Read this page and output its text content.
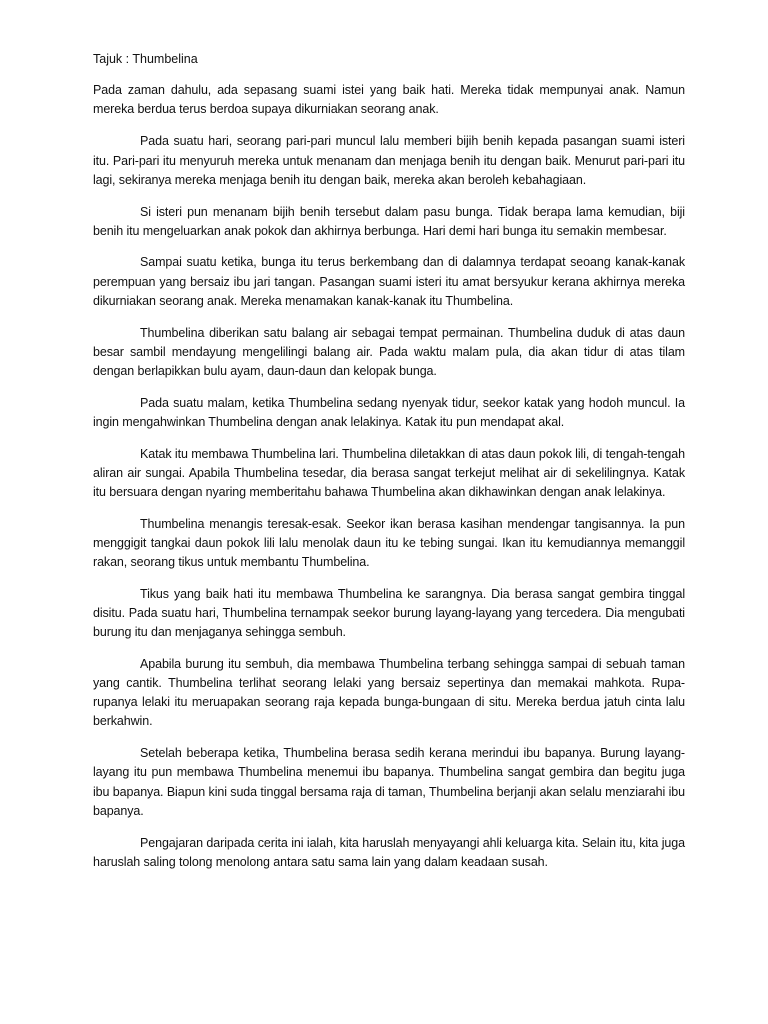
Tajuk : Thumbelina

Pada zaman dahulu, ada sepasang suami istei yang baik hati. Mereka tidak mempunyai anak. Namun mereka berdua terus berdoa supaya dikurniakan seorang anak.

Pada suatu hari, seorang pari-pari muncul lalu memberi bijih benih kepada pasangan suami isteri itu. Pari-pari itu menyuruh mereka untuk menanam dan menjaga benih itu dengan baik. Menurut pari-pari itu lagi, sekiranya mereka menjaga benih itu dengan baik, mereka akan beroleh kebahagiaan.

Si isteri pun menanam bijih benih tersebut dalam pasu bunga. Tidak berapa lama kemudian, biji benih itu mengeluarkan anak pokok dan akhirnya berbunga. Hari demi hari bunga itu semakin membesar.

Sampai suatu ketika, bunga itu terus berkembang dan di dalamnya terdapat seoang kanak-kanak perempuan yang bersaiz ibu jari tangan. Pasangan suami isteri itu amat bersyukur kerana akhirnya mereka dikurniakan seorang anak. Mereka menamakan kanak-kanak itu Thumbelina.

Thumbelina diberikan satu balang air sebagai tempat permainan. Thumbelina duduk di atas daun besar sambil mendayung mengelilingi balang air. Pada waktu malam pula, dia akan tidur di atas tilam dengan berlapikkan bulu ayam, daun-daun dan kelopak bunga.

Pada suatu malam, ketika Thumbelina sedang nyenyak tidur, seekor katak yang hodoh muncul. Ia ingin mengahwinkan Thumbelina dengan anak lelakinya. Katak itu pun mendapat akal.

Katak itu membawa Thumbelina lari. Thumbelina diletakkan di atas daun pokok lili, di tengah-tengah aliran air sungai. Apabila Thumbelina tesedar, dia berasa sangat terkejut melihat air di sekelilingnya. Katak itu bersuara dengan nyaring memberitahu bahawa Thumbelina akan dikhawinkan dengan anak lelakinya.

Thumbelina menangis teresak-esak. Seekor ikan berasa kasihan mendengar tangisannya. Ia pun menggigit tangkai daun pokok lili lalu menolak daun itu ke tebing sungai. Ikan itu kemudiannya memanggil rakan, seorang tikus untuk membantu Thumbelina.

Tikus yang baik hati itu membawa Thumbelina ke sarangnya. Dia berasa sangat gembira tinggal disitu. Pada suatu hari, Thumbelina ternampak seekor burung layang-layang yang tercedera. Dia mengubati burung itu dan menjaganya sehingga sembuh.

Apabila burung itu sembuh, dia membawa Thumbelina terbang sehingga sampai di sebuah taman yang cantik. Thumbelina terlihat seorang lelaki yang bersaiz sepertinya dan memakai mahkota. Rupa-rupanya lelaki itu meruapakan seorang raja kepada bunga-bungaan di situ. Mereka berdua jatuh cinta lalu berkahwin.

Setelah beberapa ketika, Thumbelina berasa sedih kerana merindui ibu bapanya. Burung layang-layang itu pun membawa Thumbelina menemui ibu bapanya. Thumbelina sangat gembira dan begitu juga ibu bapanya. Biapun kini suda tinggal bersama raja di taman, Thumbelina berjanji akan selalu menziarahi ibu bapanya.

Pengajaran daripada cerita ini ialah, kita haruslah menyayangi ahli keluarga kita. Selain itu, kita juga haruslah saling tolong menolong antara satu sama lain yang dalam keadaan susah.
